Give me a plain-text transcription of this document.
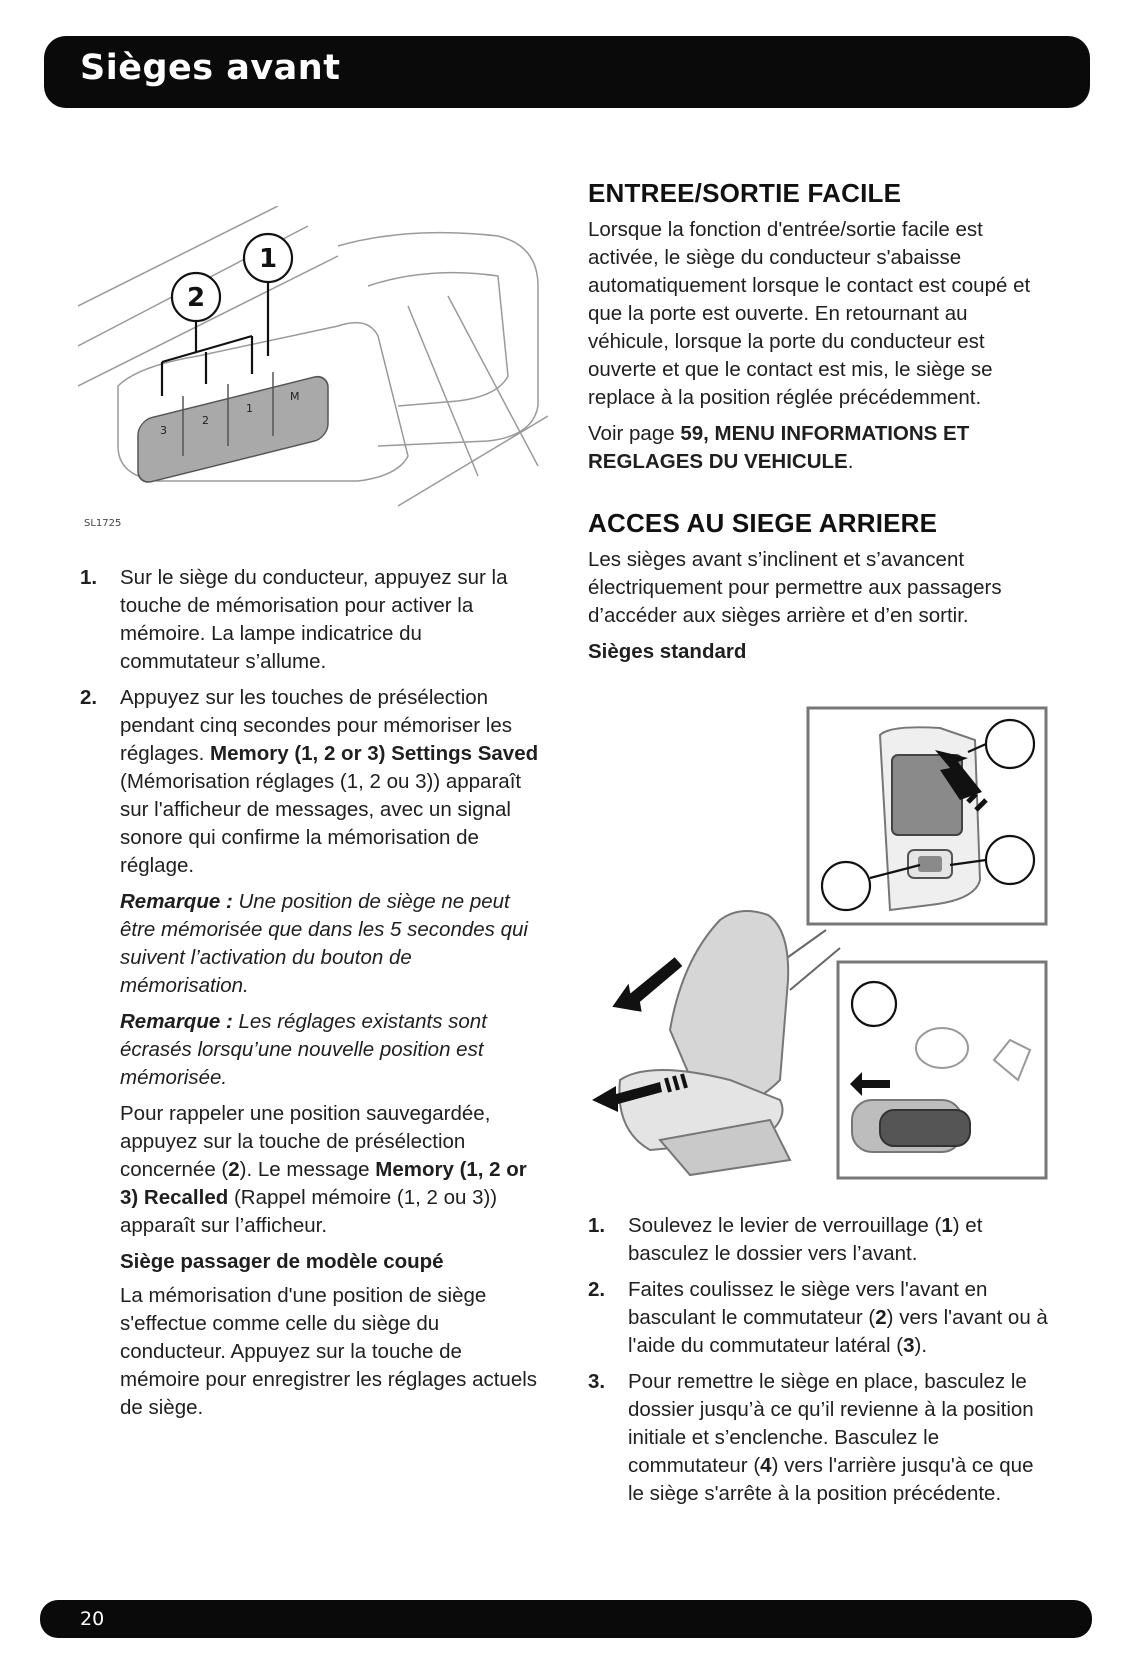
Sièges avant
3
2
1
M
2
1
SL1725
1. Sur le siège du conducteur, appuyez sur la touche de mémorisation pour activer la mémoire. La lampe indicatrice du commutateur s’allume.
2. Appuyez sur les touches de présélection pendant cinq secondes pour mémoriser les réglages. Memory (1, 2 or 3) Settings Saved (Mémorisation réglages (1, 2 ou 3)) apparaît sur l'afficheur de messages, avec un signal sonore qui confirme la mémorisation de réglage.

Remarque : Une position de siège ne peut être mémorisée que dans les 5 secondes qui suivent l’activation du bouton de mémorisation.

Remarque : Les réglages existants sont écrasés lorsqu’une nouvelle position est mémorisée.

Pour rappeler une position sauvegardée, appuyez sur la touche de présélection concernée (2). Le message Memory (1, 2 or 3) Recalled (Rappel mémoire (1, 2 ou 3)) apparaît sur l’afficheur.

Siège passager de modèle coupé

La mémorisation d'une position de siège s'effectue comme celle du siège du conducteur. Appuyez sur la touche de mémoire pour enregistrer les réglages actuels de siège.

ENTREE/SORTIE FACILE

Lorsque la fonction d'entrée/sortie facile est activée, le siège du conducteur s'abaisse automatiquement lorsque le contact est coupé et que la porte est ouverte. En retournant au véhicule, lorsque la porte du conducteur est ouverte et que le contact est mis, le siège se replace à la position réglée précédemment.

Voir page 59, MENU INFORMATIONS ET REGLAGES DU VEHICULE.

ACCES AU SIEGE ARRIERE

Les sièges avant s’inclinent et s’avancent électriquement pour permettre aux passagers d’accéder aux sièges arrière et d’en sortir.

Sièges standard

1. Soulevez le levier de verrouillage (1) et basculez le dossier vers l’avant.
2. Faites coulissez le siège vers l'avant en basculant le commutateur (2) vers l'avant ou à l'aide du commutateur latéral (3).
3. Pour remettre le siège en place, basculez le dossier jusqu’à ce qu’il revienne à la position initiale et s’enclenche. Basculez le commutateur (4) vers l'arrière jusqu'à ce que le siège s'arrête à la position précédente.
20
